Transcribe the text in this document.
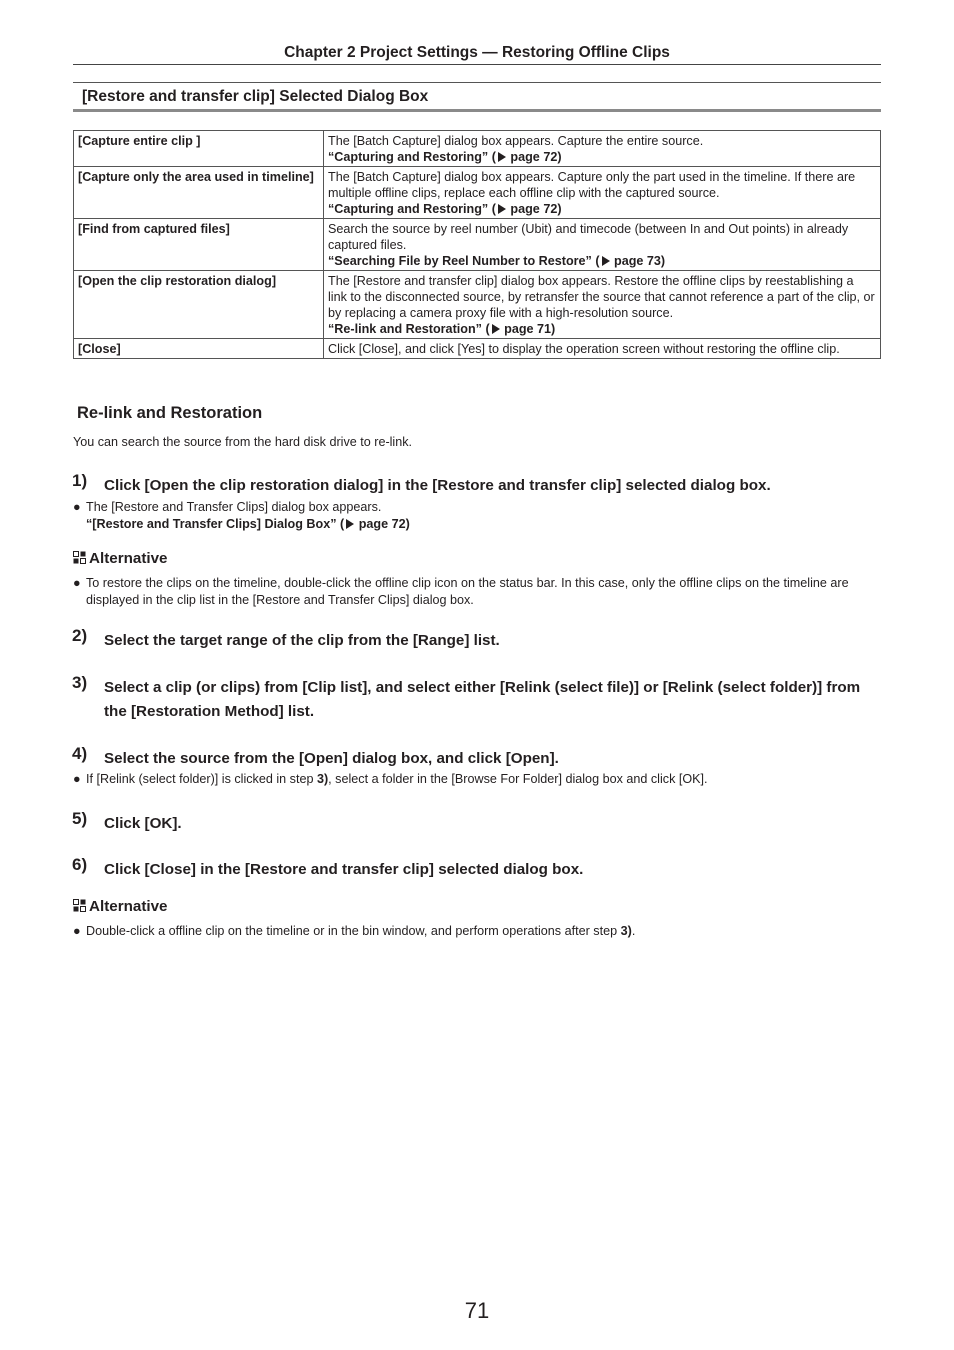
Chapter 2 Project Settings — Restoring Offline Clips
[Restore and transfer clip] Selected Dialog Box
[Capture entire clip ]	The [Batch Capture] dialog box appears. Capture the entire source.
“Capturing and Restoring” ( page 72)
[Capture only the area used in timeline]	The [Batch Capture] dialog box appears. Capture only the part used in the timeline. If there are multiple offline clips, replace each offline clip with the captured source.
“Capturing and Restoring” ( page 72)
[Find from captured files]	Search the source by reel number (Ubit) and timecode (between In and Out points) in already captured files.
“Searching File by Reel Number to Restore” ( page 73)
[Open the clip restoration dialog]	The [Restore and transfer clip] dialog box appears. Restore the offline clips by reestablishing a link to the disconnected source, by retransfer the source that cannot reference a part of the clip, or by replacing a camera proxy file with a high-resolution source.
“Re-link and Restoration” ( page 71)
[Close]	Click [Close], and click [Yes] to display the operation screen without restoring the offline clip.
Re-link and Restoration
You can search the source from the hard disk drive to re-link.
1) Click [Open the clip restoration dialog] in the [Restore and transfer clip] selected dialog box.
● The [Restore and Transfer Clips] dialog box appears.
“[Restore and Transfer Clips] Dialog Box” ( page 72)
Alternative
● To restore the clips on the timeline, double-click the offline clip icon on the status bar. In this case, only the offline clips on the timeline are displayed in the clip list in the [Restore and Transfer Clips] dialog box.
2) Select the target range of the clip from the [Range] list.
3) Select a clip (or clips) from [Clip list], and select either [Relink (select file)] or [Relink (select folder)] from the [Restoration Method] list.
4) Select the source from the [Open] dialog box, and click [Open].
● If [Relink (select folder)] is clicked in step 3), select a folder in the [Browse For Folder] dialog box and click [OK].
5) Click [OK].
6) Click [Close] in the [Restore and transfer clip] selected dialog box.
Alternative
● Double-click a offline clip on the timeline or in the bin window, and perform operations after step 3).
71
